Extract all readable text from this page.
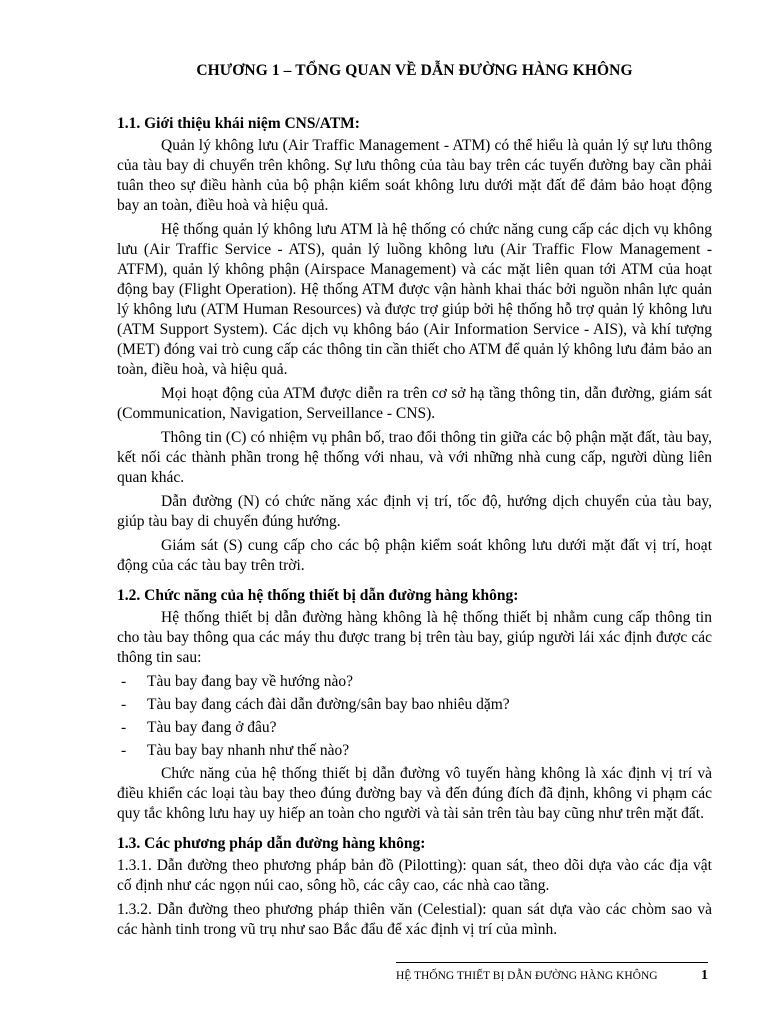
CHƯƠNG 1 – TỔNG QUAN VỀ DẪN ĐƯỜNG HÀNG KHÔNG
1.1. Giới thiệu khái niệm CNS/ATM:

Quản lý không lưu (Air Traffic Management - ATM) có thể hiểu là quản lý sự lưu thông của tàu bay di chuyển trên không. Sự lưu thông của tàu bay trên các tuyến đường bay cần phải tuân theo sự điều hành của bộ phận kiểm soát không lưu dưới mặt đất để đảm bảo hoạt động bay an toàn, điều hoà và hiệu quả.

Hệ thống quản lý không lưu ATM là hệ thống có chức năng cung cấp các dịch vụ không lưu (Air Traffic Service - ATS), quản lý luồng không lưu (Air Traffic Flow Management - ATFM), quản lý không phận (Airspace Management) và các mặt liên quan tới ATM của hoạt động bay (Flight Operation). Hệ thống ATM được vận hành khai thác bởi nguồn nhân lực quản lý không lưu (ATM Human Resources) và được trợ giúp bởi hệ thống hỗ trợ quản lý không lưu (ATM Support System). Các dịch vụ không báo (Air Information Service - AIS), và khí tượng (MET) đóng vai trò cung cấp các thông tin cần thiết cho ATM để quản lý không lưu đảm bảo an toàn, điều hoà, và hiệu quả.

Mọi hoạt động của ATM được diễn ra trên cơ sở hạ tầng thông tin, dẫn đường, giám sát (Communication, Navigation, Serveillance - CNS).

Thông tin (C) có nhiệm vụ phân bố, trao đổi thông tin giữa các bộ phận mặt đất, tàu bay, kết nối các thành phần trong hệ thống với nhau, và với những nhà cung cấp, người dùng liên quan khác.

Dẫn đường (N) có chức năng xác định vị trí, tốc độ, hướng dịch chuyển của tàu bay, giúp tàu bay di chuyển đúng hướng.

Giám sát (S) cung cấp cho các bộ phận kiểm soát không lưu dưới mặt đất vị trí, hoạt động của các tàu bay trên trời.

1.2. Chức năng của hệ thống thiết bị dẫn đường hàng không:

Hệ thống thiết bị dẫn đường hàng không là hệ thống thiết bị nhằm cung cấp thông tin cho tàu bay thông qua các máy thu được trang bị trên tàu bay, giúp người lái xác định được các thông tin sau:

-	Tàu bay đang bay về hướng nào?
-	Tàu bay đang cách đài dẫn đường/sân bay bao nhiêu dặm?
-	Tàu bay đang ở đâu?
-	Tàu bay bay nhanh như thế nào?

Chức năng của hệ thống thiết bị dẫn đường vô tuyến hàng không là xác định vị trí và điều khiển các loại tàu bay theo đúng đường bay và đến đúng đích đã định, không vi phạm các quy tắc không lưu hay uy hiếp an toàn cho người và tài sản trên tàu bay cũng như trên mặt đất.

1.3. Các phương pháp dẫn đường hàng không:

1.3.1. Dẫn đường theo phương pháp bản đồ (Pilotting): quan sát, theo dõi dựa vào các địa vật cố định như các ngọn núi cao, sông hồ, các cây cao, các nhà cao tầng.

1.3.2. Dẫn đường theo phương pháp thiên văn (Celestial): quan sát dựa vào các chòm sao và các hành tinh trong vũ trụ như sao Bắc đẩu để xác định vị trí của mình.

HỆ THỐNG THIẾT BỊ DẪN ĐƯỜNG HÀNG KHÔNG	1
